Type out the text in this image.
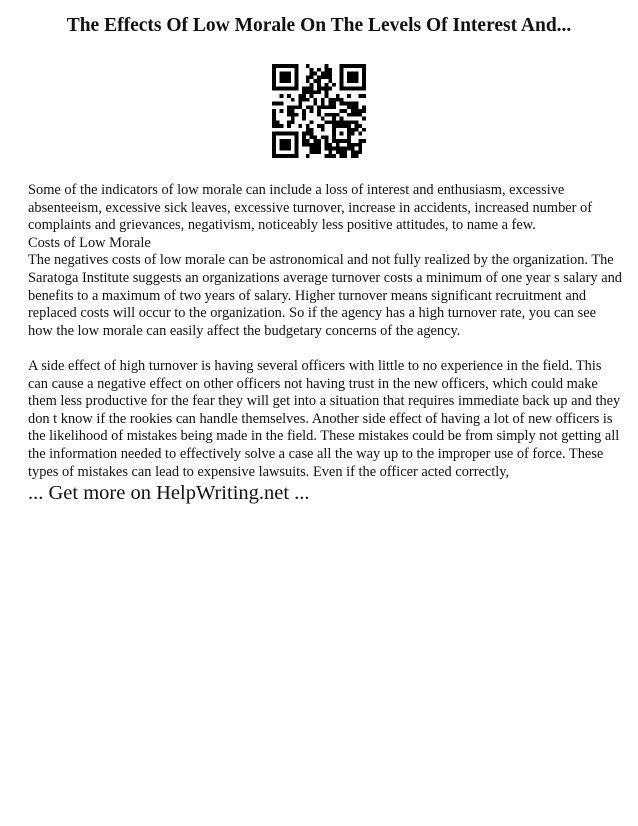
The Effects Of Low Morale On The Levels Of Interest And...

Some of the indicators of low morale can include a loss of interest and enthusiasm, excessive absenteeism, excessive sick leaves, excessive turnover, increase in accidents, increased number of complaints and grievances, negativism, noticeably less positive attitudes, to name a few.

Costs of Low Morale

The negatives costs of low morale can be astronomical and not fully realized by the organization. The Saratoga Institute suggests an organizations average turnover costs a minimum of one year s salary and benefits to a maximum of two years of salary. Higher turnover means significant recruitment and replaced costs will occur to the organization. So if the agency has a high turnover rate, you can see how the low morale can easily affect the budgetary concerns of the agency.

A side effect of high turnover is having several officers with little to no experience in the field. This can cause a negative effect on other officers not having trust in the new officers, which could make them less productive for the fear they will get into a situation that requires immediate back up and they don t know if the rookies can handle themselves. Another side effect of having a lot of new officers is the likelihood of mistakes being made in the field. These mistakes could be from simply not getting all the information needed to effectively solve a case all the way up to the improper use of force. These types of mistakes can lead to expensive lawsuits. Even if the officer acted correctly,

... Get more on HelpWriting.net ...
